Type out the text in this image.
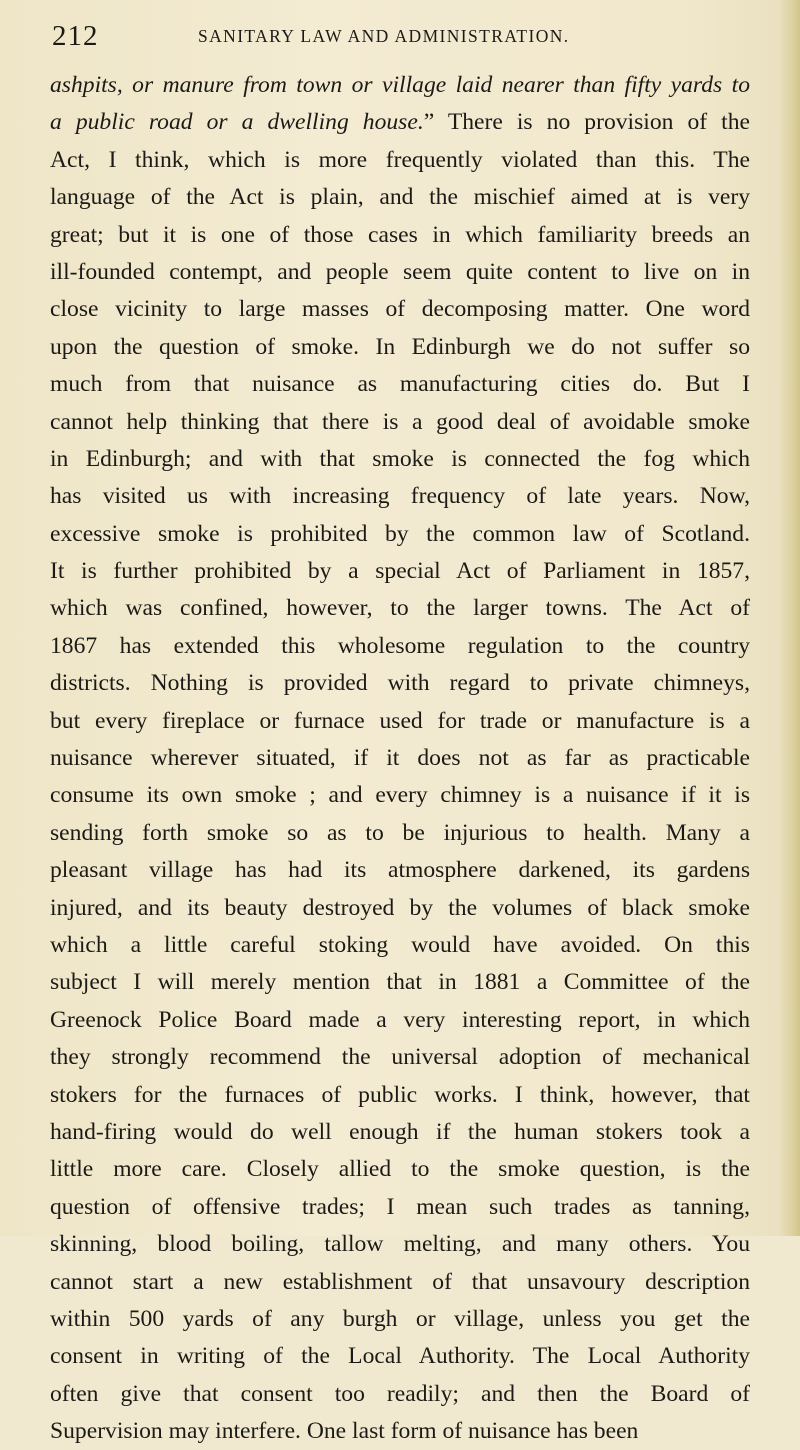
212	SANITARY LAW AND ADMINISTRATION.
ashpits, or manure from town or village laid nearer than fifty yards to
a public road or a dwelling house.” There is no provision of the
Act, I think, which is more frequently violated than this. The
language of the Act is plain, and the mischief aimed at is very
great; but it is one of those cases in which familiarity breeds an
ill-founded contempt, and people seem quite content to live on in
close vicinity to large masses of decomposing matter. One word
upon the question of smoke. In Edinburgh we do not suffer so
much from that nuisance as manufacturing cities do. But I
cannot help thinking that there is a good deal of avoidable smoke
in Edinburgh; and with that smoke is connected the fog which
has visited us with increasing frequency of late years. Now,
excessive smoke is prohibited by the common law of Scotland.
It is further prohibited by a special Act of Parliament in 1857,
which was confined, however, to the larger towns. The Act of
1867 has extended this wholesome regulation to the country
districts. Nothing is provided with regard to private chimneys,
but every fireplace or furnace used for trade or manufacture is a
nuisance wherever situated, if it does not as far as practicable
consume its own smoke ; and every chimney is a nuisance if it is
sending forth smoke so as to be injurious to health. Many a
pleasant village has had its atmosphere darkened, its gardens
injured, and its beauty destroyed by the volumes of black smoke
which a little careful stoking would have avoided. On this
subject I will merely mention that in 1881 a Committee of the
Greenock Police Board made a very interesting report, in which
they strongly recommend the universal adoption of mechanical
stokers for the furnaces of public works. I think, however, that
hand-firing would do well enough if the human stokers took a
little more care. Closely allied to the smoke question, is the
question of offensive trades; I mean such trades as tanning,
skinning, blood boiling, tallow melting, and many others. You
cannot start a new establishment of that unsavoury description
within 500 yards of any burgh or village, unless you get the
consent in writing of the Local Authority. The Local Authority
often give that consent too readily; and then the Board of
Supervision may interfere. One last form of nuisance has been
